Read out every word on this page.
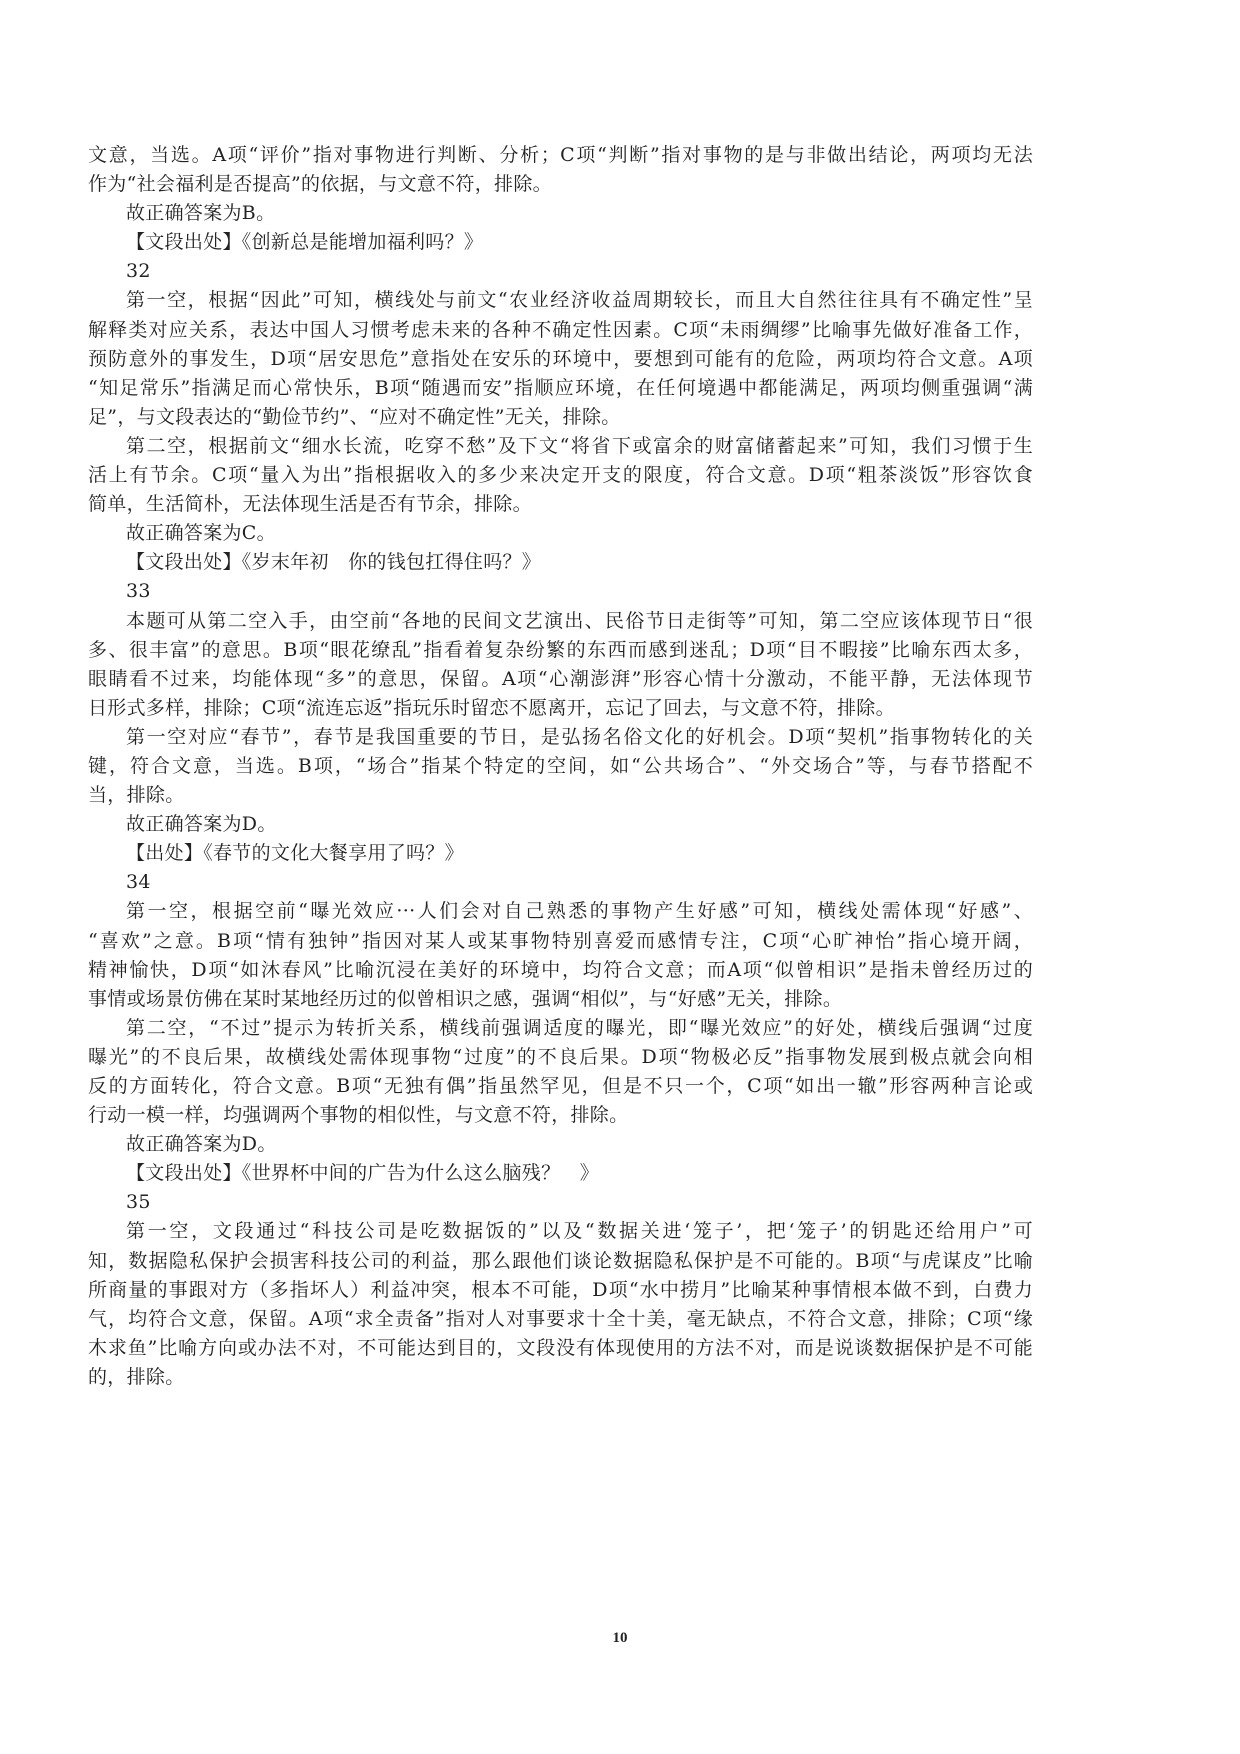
文意，当选。A项“评价”指对事物进行判断、分析；C项“判断”指对事物的是与非做出结论，两项均无法
作为“社会福利是否提高”的依据，与文意不符，排除。
故正确答案为B。
【文段出处】《创新总是能增加福利吗？》
32
第一空，根据“因此”可知，横线处与前文“农业经济收益周期较长，而且大自然往往具有不确定性”呈
解释类对应关系，表达中国人习惯考虑未来的各种不确定性因素。C项“未雨绸缪”比喻事先做好准备工作，
预防意外的事发生，D项“居安思危”意指处在安乐的环境中，要想到可能有的危险，两项均符合文意。A项
“知足常乐”指满足而心常快乐，B项“随遇而安”指顺应环境，在任何境遇中都能满足，两项均侧重强调“满
足”，与文段表达的“勤俭节约”、“应对不确定性”无关，排除。
第二空，根据前文“细水长流，吃穿不愁”及下文“将省下或富余的财富储蓄起来”可知，我们习惯于生
活上有节余。C项“量入为出”指根据收入的多少来决定开支的限度，符合文意。D项“粗茶淡饭”形容饮食
简单，生活简朴，无法体现生活是否有节余，排除。
故正确答案为C。
【文段出处】《岁末年初　你的钱包扛得住吗？》
33
本题可从第二空入手，由空前“各地的民间文艺演出、民俗节日走街等”可知，第二空应该体现节日“很
多、很丰富”的意思。B项“眼花缭乱”指看着复杂纷繁的东西而感到迷乱；D项“目不暇接”比喻东西太多，
眼睛看不过来，均能体现“多”的意思，保留。A项“心潮澎湃”形容心情十分激动，不能平静，无法体现节
日形式多样，排除；C项“流连忘返”指玩乐时留恋不愿离开，忘记了回去，与文意不符，排除。
第一空对应“春节”，春节是我国重要的节日，是弘扬名俗文化的好机会。D项“契机”指事物转化的关
键，符合文意，当选。B项，“场合”指某个特定的空间，如“公共场合”、“外交场合”等，与春节搭配不
当，排除。
故正确答案为D。
【出处】《春节的文化大餐享用了吗？》
34
第一空，根据空前“曝光效应···人们会对自己熟悉的事物产生好感”可知，横线处需体现“好感”、
“喜欢”之意。B项“情有独钟”指因对某人或某事物特别喜爱而感情专注，C项“心旷神怡”指心境开阔，
精神愉快，D项“如沐春风”比喻沉浸在美好的环境中，均符合文意；而A项“似曾相识”是指未曾经历过的
事情或场景仿佛在某时某地经历过的似曾相识之感，强调“相似”，与“好感”无关，排除。
第二空，“不过”提示为转折关系，横线前强调适度的曝光，即“曝光效应”的好处，横线后强调“过度
曝光”的不良后果，故横线处需体现事物“过度”的不良后果。D项“物极必反”指事物发展到极点就会向相
反的方面转化，符合文意。B项“无独有偶”指虽然罕见，但是不只一个，C项“如出一辙”形容两种言论或
行动一模一样，均强调两个事物的相似性，与文意不符，排除。
故正确答案为D。
【文段出处】《世界杯中间的广告为什么这么脑残？　》
35
第一空，文段通过“科技公司是吃数据饭的”以及“数据关进‘笼子’，把‘笼子’的钥匙还给用户”可
知，数据隐私保护会损害科技公司的利益，那么跟他们谈论数据隐私保护是不可能的。B项“与虎谋皮”比喻
所商量的事跟对方（多指坏人）利益冲突，根本不可能，D项“水中捞月”比喻某种事情根本做不到，白费力
气，均符合文意，保留。A项“求全责备”指对人对事要求十全十美，毫无缺点，不符合文意，排除；C项“缘
木求鱼”比喻方向或办法不对，不可能达到目的，文段没有体现使用的方法不对，而是说谈数据保护是不可能
的，排除。
10
